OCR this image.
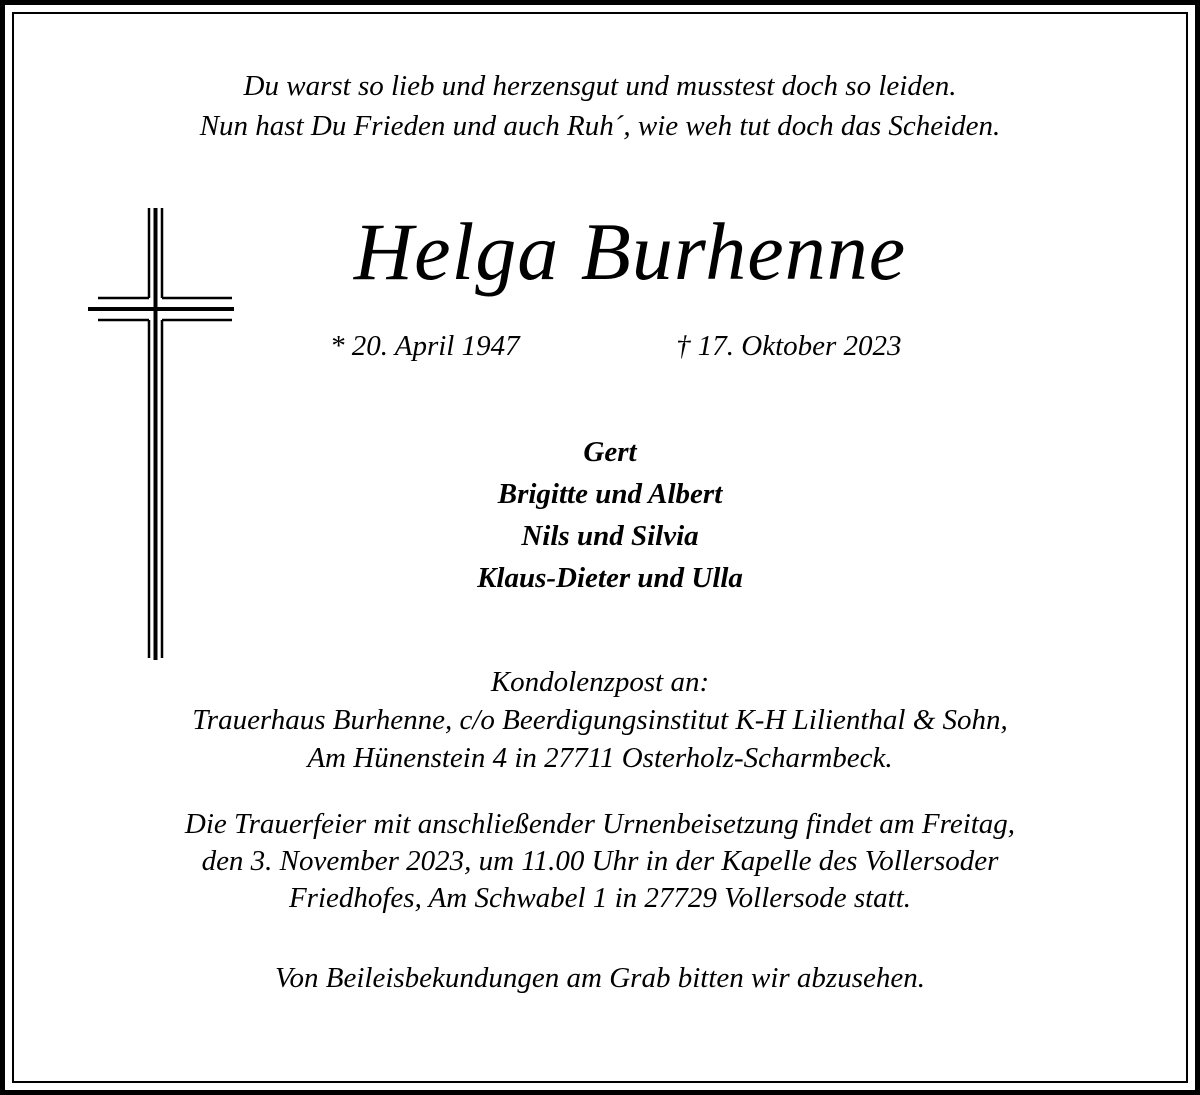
Du warst so lieb und herzensgut und musstest doch so leiden.
Nun hast Du Frieden und auch Ruh´, wie weh tut doch das Scheiden.
Helga Burhenne
* 20. April 1947	† 17. Oktober 2023
Gert
Brigitte und Albert
Nils und Silvia
Klaus-Dieter und Ulla
Kondolenzpost an:
Trauerhaus Burhenne, c/o Beerdigungsinstitut K-H Lilienthal & Sohn,
Am Hünenstein 4 in 27711 Osterholz-Scharmbeck.
Die Trauerfeier mit anschließender Urnenbeisetzung findet am Freitag,
den 3. November 2023, um 11.00 Uhr in der Kapelle des Vollersoder
Friedhofes, Am Schwabel 1 in 27729 Vollersode statt.
Von Beileisbekundungen am Grab bitten wir abzusehen.
